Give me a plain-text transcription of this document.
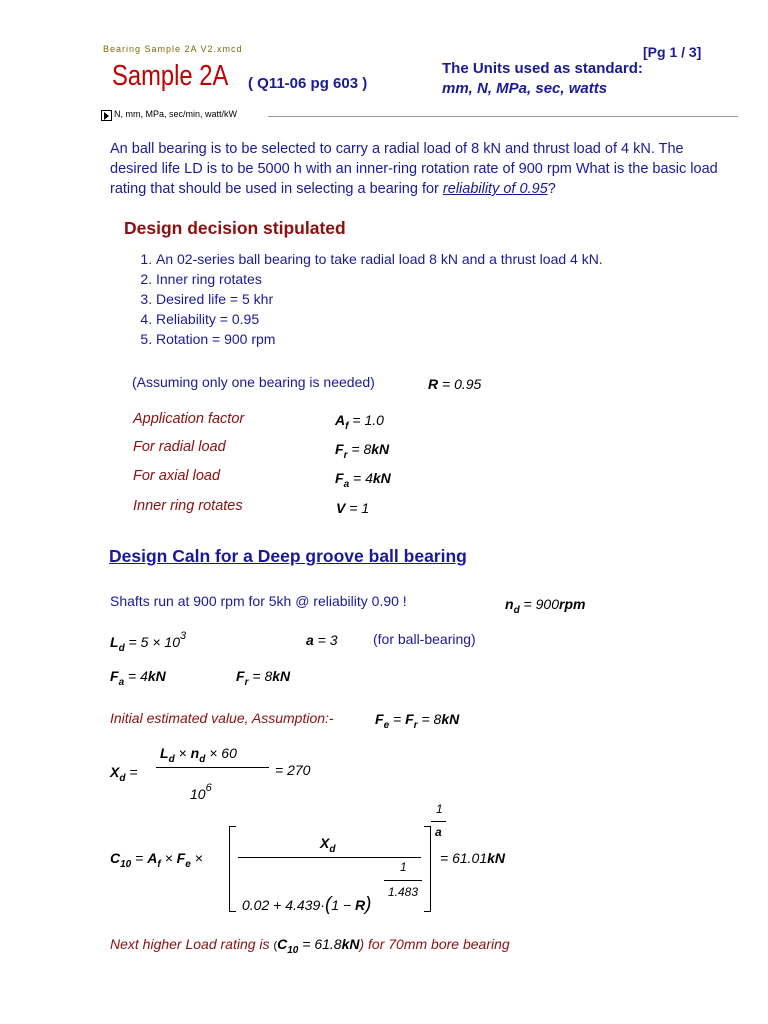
Bearing Sample 2A V2.xmcd	[Pg 1 / 3]
Sample 2A ( Q11-06 pg 603 )
The Units used as standard:
mm, N, MPa, sec, watts
N, mm, MPa, sec/min, watt/kW
An ball bearing is to be selected to carry a radial load of 8 kN and thrust load of 4 kN. The desired life LD is to be 5000 h with an inner-ring rotation rate of 900 rpm What is the basic load rating that should be used in selecting a bearing for reliability of 0.95?
Design decision stipulated
1. An 02-series ball bearing to take radial load 8 kN and a thrust load 4 kN.
2. Inner ring rotates
3. Desired life = 5 khr
4. Reliability = 0.95
5. Rotation = 900 rpm
(Assuming only one bearing is needed)	R = 0.95
Application factor	$A_f = 1.0$
For radial load	$F_r = 8kN$
For axial load	$F_a = 4kN$
Inner ring rotates	V = 1
Design Caln for a Deep groove ball bearing
Shafts run at 900 rpm for 5kh @ reliability 0.90 !	$n_d = 900rpm$
$L_d = 5 \times 10^3$	a = 3	(for ball-bearing)
$F_a = 4kN$	$F_r = 8kN$
Initial estimated value, Assumption:-	$F_e = F_r = 8kN$
$X_d$ =
$L_d \times n_d \times 60$
$10^6$
= 270
$C_{10} = A_f \times F_e$ ×
$X_d$
0.02 + 4.439·(1 − R)
1
1.483
1
a
= 61.01kN
Next higher Load rating is $(C_{10} = 61.8kN)$ for 70mm bore bearing
